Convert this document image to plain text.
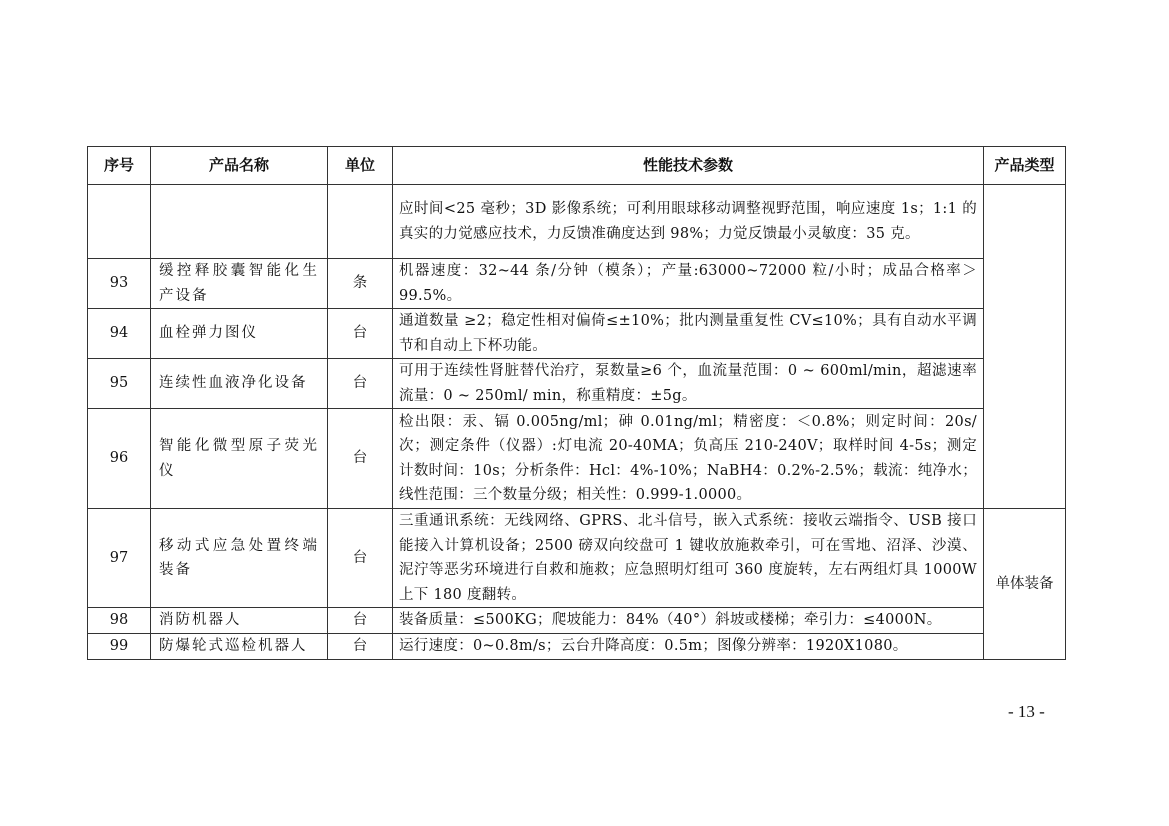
序号	产品名称	单位	性能技术参数	产品类型
			应时间<25 毫秒；3D 影像系统；可利用眼球移动调整视野范围，响应速度 1s；1:1 的真实的力觉感应技术，力反馈准确度达到 98%；力觉反馈最小灵敏度：35 克。	
93	缓控释胶囊智能化生产设备	条	机器速度：32~44 条/分钟（模条）；产量:63000~72000 粒/小时；成品合格率＞99.5%。	
94	血栓弹力图仪	台	通道数量 ≥2；稳定性相对偏倚≤±10%；批内测量重复性 CV≤10%；具有自动水平调节和自动上下杯功能。	
95	连续性血液净化设备	台	可用于连续性肾脏替代治疗，泵数量≥6 个，血流量范围：0 ~ 600ml/min，超滤速率流量：0 ~ 250ml/ min，称重精度：±5g。	
96	智能化微型原子荧光仪	台	检出限：汞、镉 0.005ng/ml；砷 0.01ng/ml；精密度：＜0.8%；则定时间：20s/次；测定条件（仪器）:灯电流 20-40MA；负高压 210-240V；取样时间 4-5s；测定计数时间：10s；分析条件：Hcl：4%-10%；NaBH4：0.2%-2.5%；载流：纯净水；线性范围：三个数量分级；相关性：0.999-1.0000。	
97	移动式应急处置终端装备	台	三重通讯系统：无线网络、GPRS、北斗信号，嵌入式系统：接收云端指令、USB 接口能接入计算机设备；2500 磅双向绞盘可 1 键收放施救牵引，可在雪地、沼泽、沙漠、泥泞等恶劣环境进行自救和施救；应急照明灯组可 360 度旋转，左右两组灯具 1000W 上下 180 度翻转。	单体装备
98	消防机器人	台	装备质量：≤500KG；爬坡能力：84%（40°）斜坡或楼梯；牵引力：≤4000N。	
99	防爆轮式巡检机器人	台	运行速度：0~0.8m/s；云台升降高度：0.5m；图像分辨率：1920X1080。	
- 13 -
